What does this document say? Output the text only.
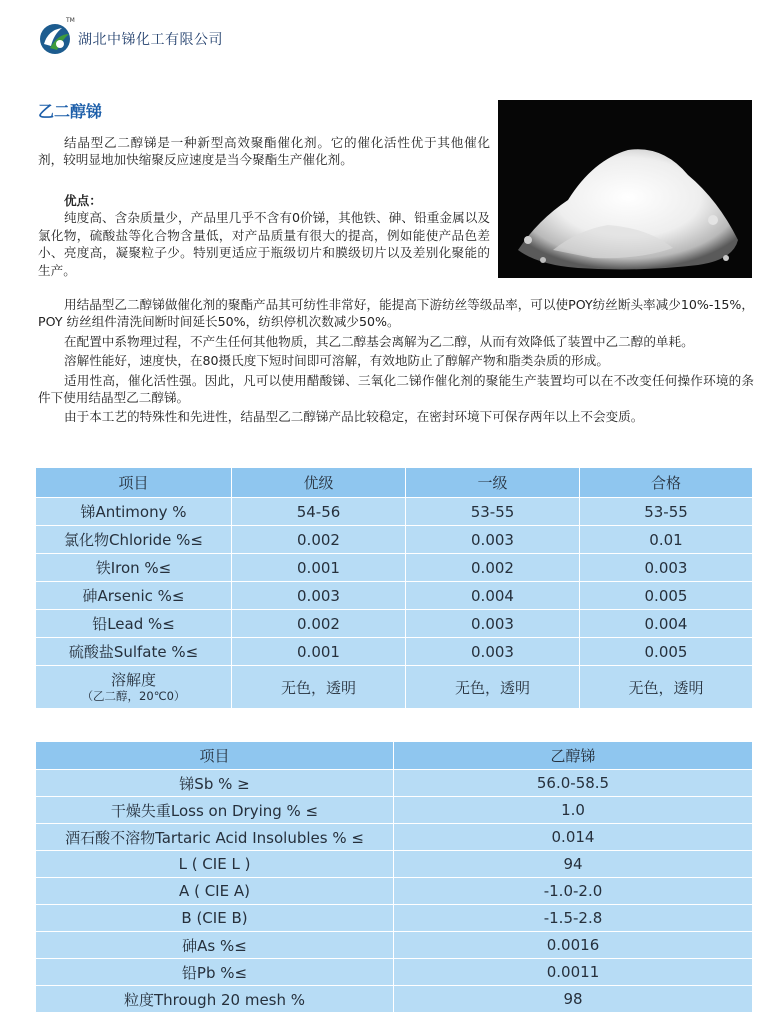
TM
湖北中锑化工有限公司
乙二醇锑

结晶型乙二醇锑是一种新型高效聚酯催化剂。它的催化活性优于其他催化剂，较明显地加快缩聚反应速度是当今聚酯生产催化剂。

优点：

纯度高、含杂质量少，产品里几乎不含有0价锑，其他铁、砷、铅重金属以及氯化物，硫酸盐等化合物含量低，对产品质量有很大的提高，例如能使产品色差小、亮度高，凝聚粒子少。特别更适应于瓶级切片和膜级切片以及差别化聚能的生产。

用结晶型乙二醇锑做催化剂的聚酯产品其可纺性非常好，能提高下游纺丝等级品率，可以使POY纺丝断头率减少10%-15%，POY 纺丝组件清洗间断时间延长50%，纺织停机次数减少50%。

在配置中系物理过程，不产生任何其他物质，其乙二醇基会离解为乙二醇，从而有效降低了装置中乙二醇的单耗。

溶解性能好，速度快，在80摄氏度下短时间即可溶解，有效地防止了醇解产物和脂类杂质的形成。

适用性高，催化活性强。因此，凡可以使用醋酸锑、三氧化二锑作催化剂的聚能生产装置均可以在不改变任何操作环境的条件下使用结晶型乙二醇锑。

由于本工艺的特殊性和先进性，结晶型乙二醇锑产品比较稳定，在密封环境下可保存两年以上不会变质。

项目	优级	一级	合格
锑Antimony %	54-56	53-55	53-55
氯化物Chloride %≤	0.002	0.003	0.01
铁Iron %≤	0.001	0.002	0.003
砷Arsenic %≤	0.003	0.004	0.005
铅Lead %≤	0.002	0.003	0.004
硫酸盐Sulfate %≤	0.001	0.003	0.005

溶解度
（乙二醇，20℃0）	无色，透明	无色，透明	无色，透明
项目	乙醇锑
锑Sb % ≥	56.0-58.5
干燥失重Loss on Drying % ≤	1.0
酒石酸不溶物Tartaric Acid Insolubles % ≤	0.014
L ( CIE L )	94
A ( CIE A)	-1.0-2.0
B (CIE B)	-1.5-2.8
砷As %≤	0.0016
铅Pb %≤	0.0011
粒度Through 20 mesh %	98
